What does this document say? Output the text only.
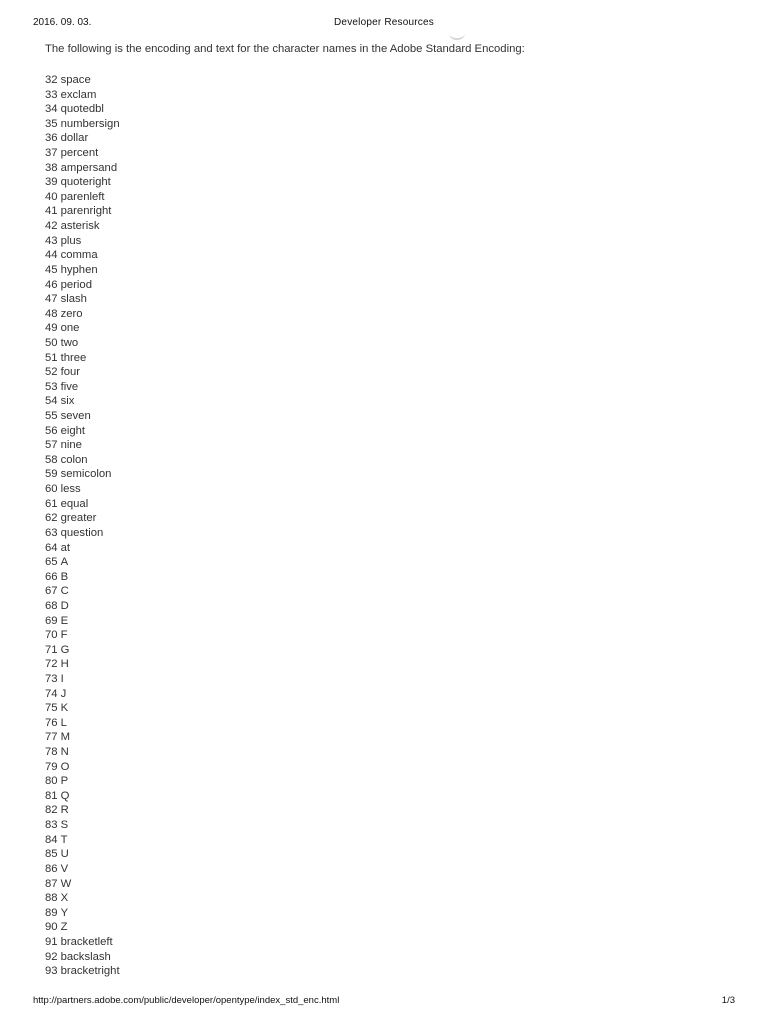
2016. 09. 03.	Developer Resources
The following is the encoding and text for the character names in the Adobe Standard Encoding:
32 space
33 exclam
34 quotedbl
35 numbersign
36 dollar
37 percent
38 ampersand
39 quoteright
40 parenleft
41 parenright
42 asterisk
43 plus
44 comma
45 hyphen
46 period
47 slash
48 zero
49 one
50 two
51 three
52 four
53 five
54 six
55 seven
56 eight
57 nine
58 colon
59 semicolon
60 less
61 equal
62 greater
63 question
64 at
65 A
66 B
67 C
68 D
69 E
70 F
71 G
72 H
73 I
74 J
75 K
76 L
77 M
78 N
79 O
80 P
81 Q
82 R
83 S
84 T
85 U
86 V
87 W
88 X
89 Y
90 Z
91 bracketleft
92 backslash
93 bracketright
http://partners.adobe.com/public/developer/opentype/index_std_enc.html	1/3
